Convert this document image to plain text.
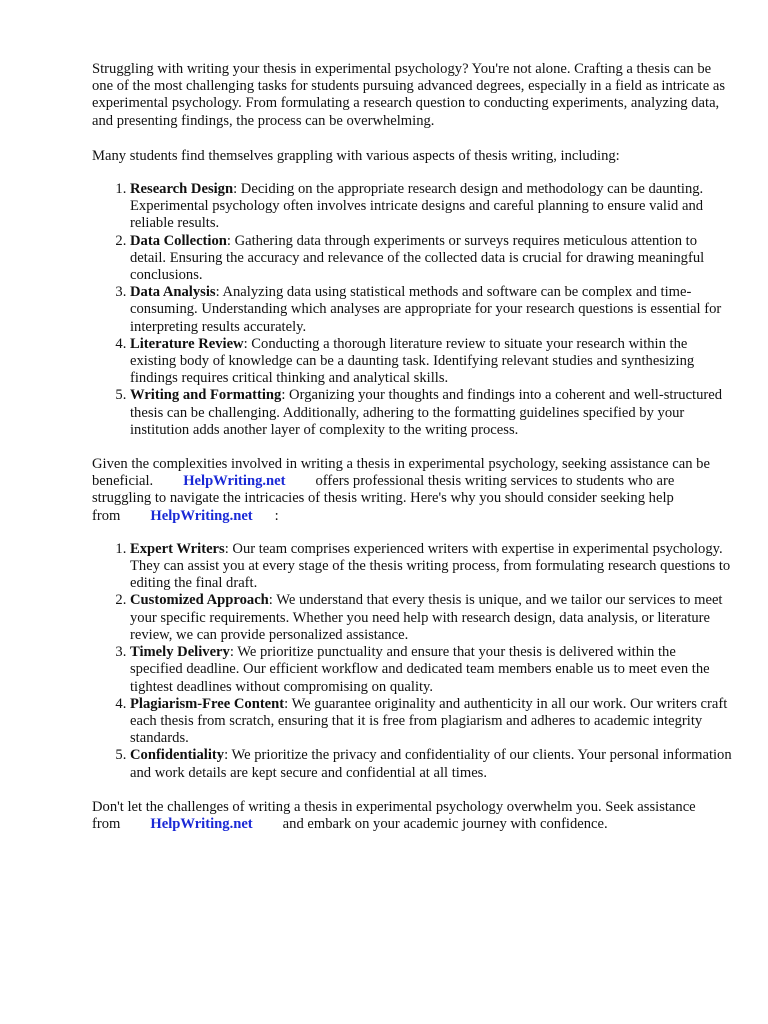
Struggling with writing your thesis in experimental psychology? You're not alone. Crafting a thesis can be one of the most challenging tasks for students pursuing advanced degrees, especially in a field as intricate as experimental psychology. From formulating a research question to conducting experiments, analyzing data, and presenting findings, the process can be overwhelming.

Many students find themselves grappling with various aspects of thesis writing, including:

1. Research Design: Deciding on the appropriate research design and methodology can be daunting. Experimental psychology often involves intricate designs and careful planning to ensure valid and reliable results.
2. Data Collection: Gathering data through experiments or surveys requires meticulous attention to detail. Ensuring the accuracy and relevance of the collected data is crucial for drawing meaningful conclusions.
3. Data Analysis: Analyzing data using statistical methods and software can be complex and time-consuming. Understanding which analyses are appropriate for your research questions is essential for interpreting results accurately.
4. Literature Review: Conducting a thorough literature review to situate your research within the existing body of knowledge can be a daunting task. Identifying relevant studies and synthesizing findings requires critical thinking and analytical skills.
5. Writing and Formatting: Organizing your thoughts and findings into a coherent and well-structured thesis can be challenging. Additionally, adhering to the formatting guidelines specified by your institution adds another layer of complexity to the writing process.

Given the complexities involved in writing a thesis in experimental psychology, seeking assistance can be beneficial. HelpWriting.net offers professional thesis writing services to students who are struggling to navigate the intricacies of thesis writing. Here's why you should consider seeking help from HelpWriting.net :

1. Expert Writers: Our team comprises experienced writers with expertise in experimental psychology. They can assist you at every stage of the thesis writing process, from formulating research questions to editing the final draft.
2. Customized Approach: We understand that every thesis is unique, and we tailor our services to meet your specific requirements. Whether you need help with research design, data analysis, or literature review, we can provide personalized assistance.
3. Timely Delivery: We prioritize punctuality and ensure that your thesis is delivered within the specified deadline. Our efficient workflow and dedicated team members enable us to meet even the tightest deadlines without compromising on quality.
4. Plagiarism-Free Content: We guarantee originality and authenticity in all our work. Our writers craft each thesis from scratch, ensuring that it is free from plagiarism and adheres to academic integrity standards.
5. Confidentiality: We prioritize the privacy and confidentiality of our clients. Your personal information and work details are kept secure and confidential at all times.

Don't let the challenges of writing a thesis in experimental psychology overwhelm you. Seek assistance from HelpWriting.net and embark on your academic journey with confidence.
